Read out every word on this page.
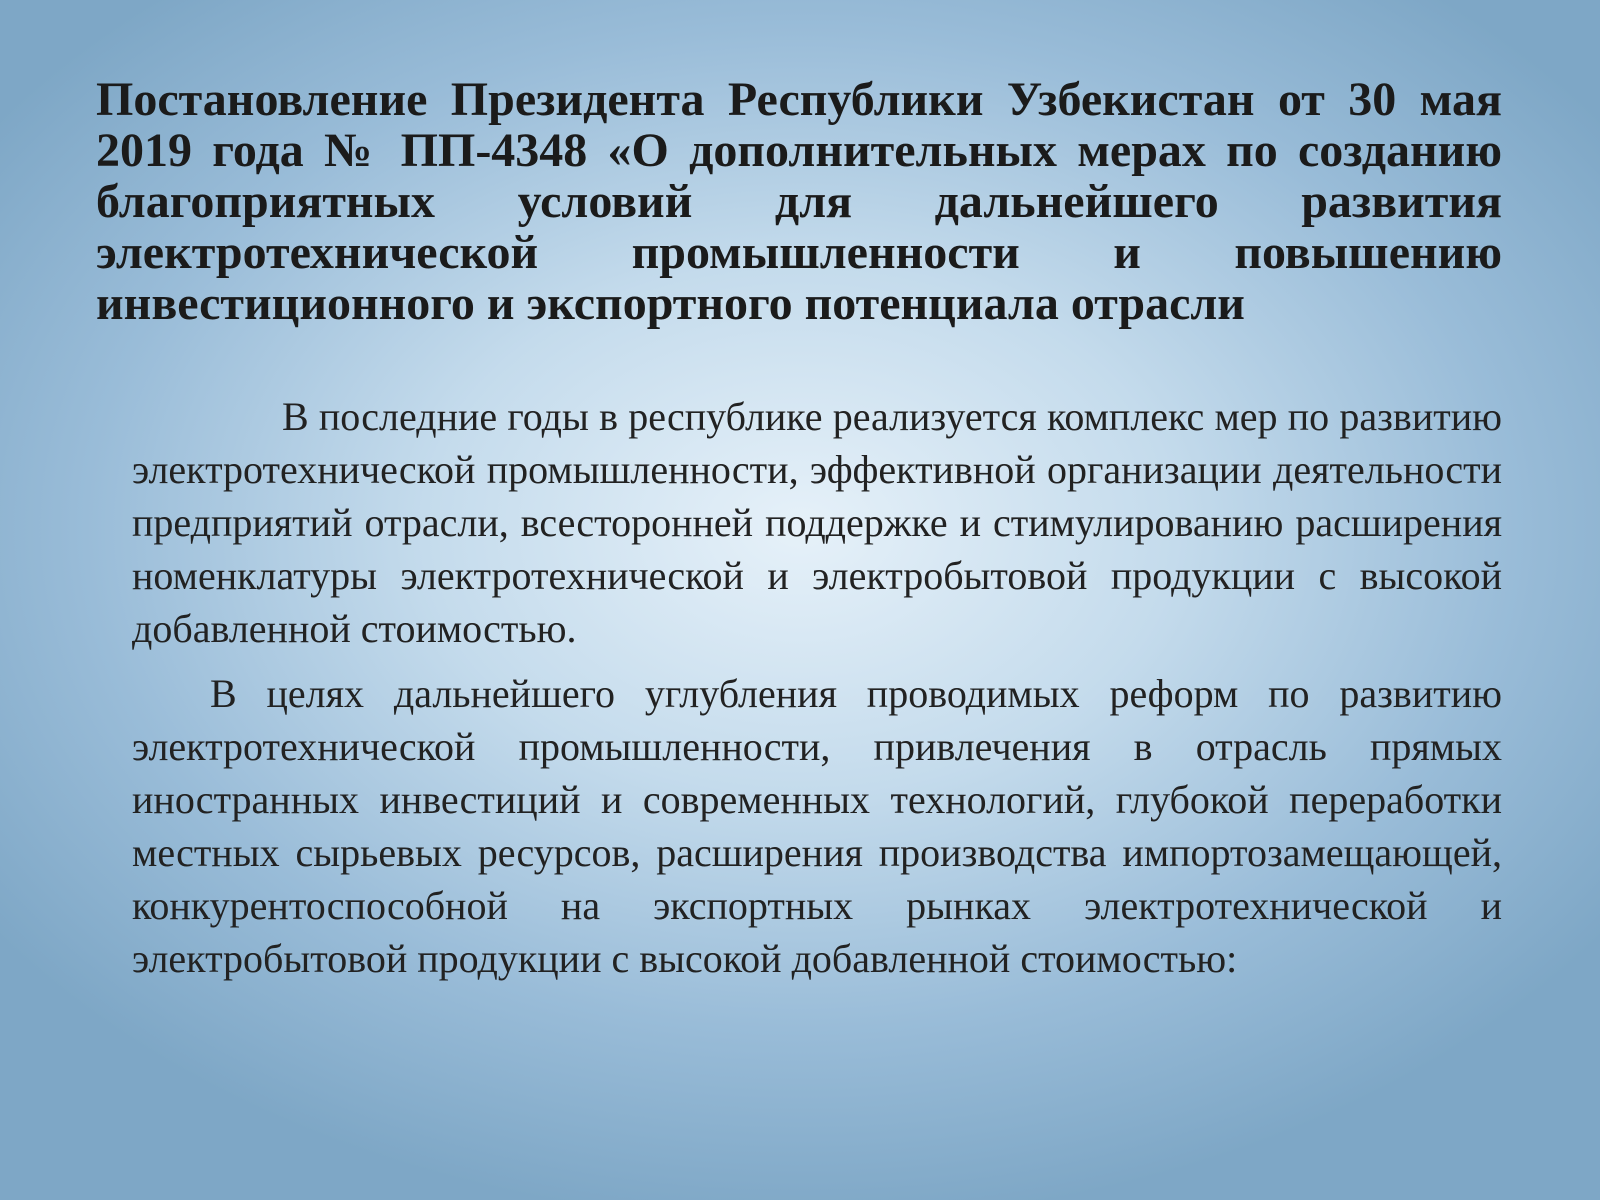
Постановление Президента Республики Узбекистан от 30 мая 2019 года № ПП-4348 «О дополнительных мерах по созданию благоприятных условий для дальнейшего развития электротехнической промышленности и повышению инвестиционного и экспортного потенциала отрасли

В последние годы в республике реализуется комплекс мер по развитию электротехнической промышленности, эффективной организации деятельности предприятий отрасли, всесторонней поддержке и стимулированию расширения номенклатуры электротехнической и электробытовой продукции с высокой добавленной стоимостью.

В целях дальнейшего углубления проводимых реформ по развитию электротехнической промышленности, привлечения в отрасль прямых иностранных инвестиций и современных технологий, глубокой переработки местных сырьевых ресурсов, расширения производства импортозамещающей, конкурентоспособной на экспортных рынках электротехнической и электробытовой продукции с высокой добавленной стоимостью:
